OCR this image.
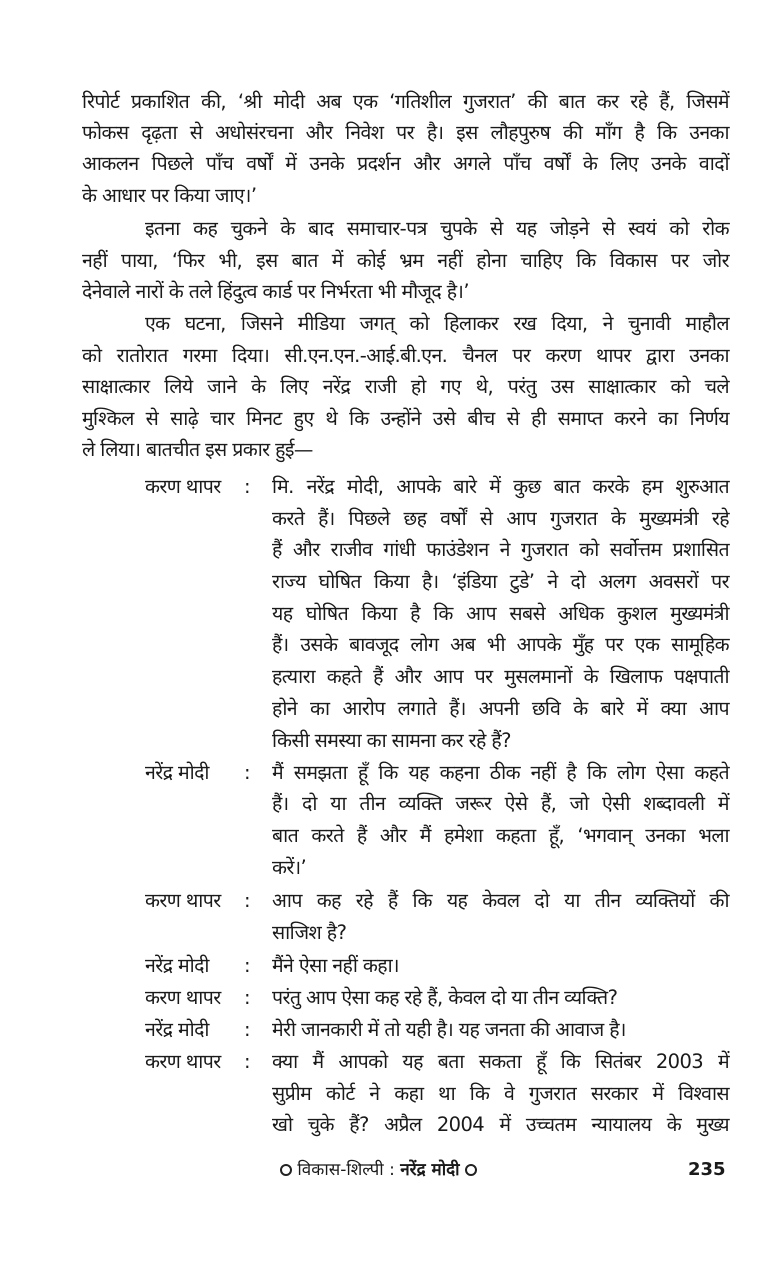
रिपोर्ट प्रकाशित की, ‘श्री मोदी अब एक ‘गतिशील गुजरात’ की बात कर रहे हैं, जिसमें
फोकस दृढ़ता से अधोसंरचना और निवेश पर है। इस लौहपुरुष की माँग है कि उनका
आकलन पिछले पाँच वर्षों में उनके प्रदर्शन और अगले पाँच वर्षों के लिए उनके वादों
के आधार पर किया जाए।’
इतना कह चुकने के बाद समाचार-पत्र चुपके से यह जोड़ने से स्वयं को रोक
नहीं पाया, ‘फिर भी, इस बात में कोई भ्रम नहीं होना चाहिए कि विकास पर जोर
देनेवाले नारों के तले हिंदुत्व कार्ड पर निर्भरता भी मौजूद है।’
एक घटना, जिसने मीडिया जगत् को हिलाकर रख दिया, ने चुनावी माहौल
को रातोरात गरमा दिया। सी.एन.एन.-आई.बी.एन. चैनल पर करण थापर द्वारा उनका
साक्षात्कार लिये जाने के लिए नरेंद्र राजी हो गए थे, परंतु उस साक्षात्कार को चले
मुश्किल से साढ़े चार मिनट हुए थे कि उन्होंने उसे बीच से ही समाप्त करने का निर्णय
ले लिया। बातचीत इस प्रकार हुई—
करण थापर : मि. नरेंद्र मोदी, आपके बारे में कुछ बात करके हम शुरुआत
करते हैं। पिछले छह वर्षों से आप गुजरात के मुख्यमंत्री रहे
हैं और राजीव गांधी फाउंडेशन ने गुजरात को सर्वोत्तम प्रशासित
राज्य घोषित किया है। ‘इंडिया टुडे’ ने दो अलग अवसरों पर
यह घोषित किया है कि आप सबसे अधिक कुशल मुख्यमंत्री
हैं। उसके बावजूद लोग अब भी आपके मुँह पर एक सामूहिक
हत्यारा कहते हैं और आप पर मुसलमानों के खिलाफ पक्षपाती
होने का आरोप लगाते हैं। अपनी छवि के बारे में क्या आप
किसी समस्या का सामना कर रहे हैं?
नरेंद्र मोदी : मैं समझता हूँ कि यह कहना ठीक नहीं है कि लोग ऐसा कहते
हैं। दो या तीन व्यक्ति जरूर ऐसे हैं, जो ऐसी शब्दावली में
बात करते हैं और मैं हमेशा कहता हूँ, ‘भगवान् उनका भला
करें।’
करण थापर : आप कह रहे हैं कि यह केवल दो या तीन व्यक्तियों की
साजिश है?
नरेंद्र मोदी : मैंने ऐसा नहीं कहा।
करण थापर : परंतु आप ऐसा कह रहे हैं, केवल दो या तीन व्यक्ति?
नरेंद्र मोदी : मेरी जानकारी में तो यही है। यह जनता की आवाज है।
करण थापर : क्या मैं आपको यह बता सकता हूँ कि सितंबर 2003 में
सुप्रीम कोर्ट ने कहा था कि वे गुजरात सरकार में विश्वास
खो चुके हैं? अप्रैल 2004 में उच्चतम न्यायालय के मुख्य
विकास-शिल्पी : नरेंद्र मोदी	235
